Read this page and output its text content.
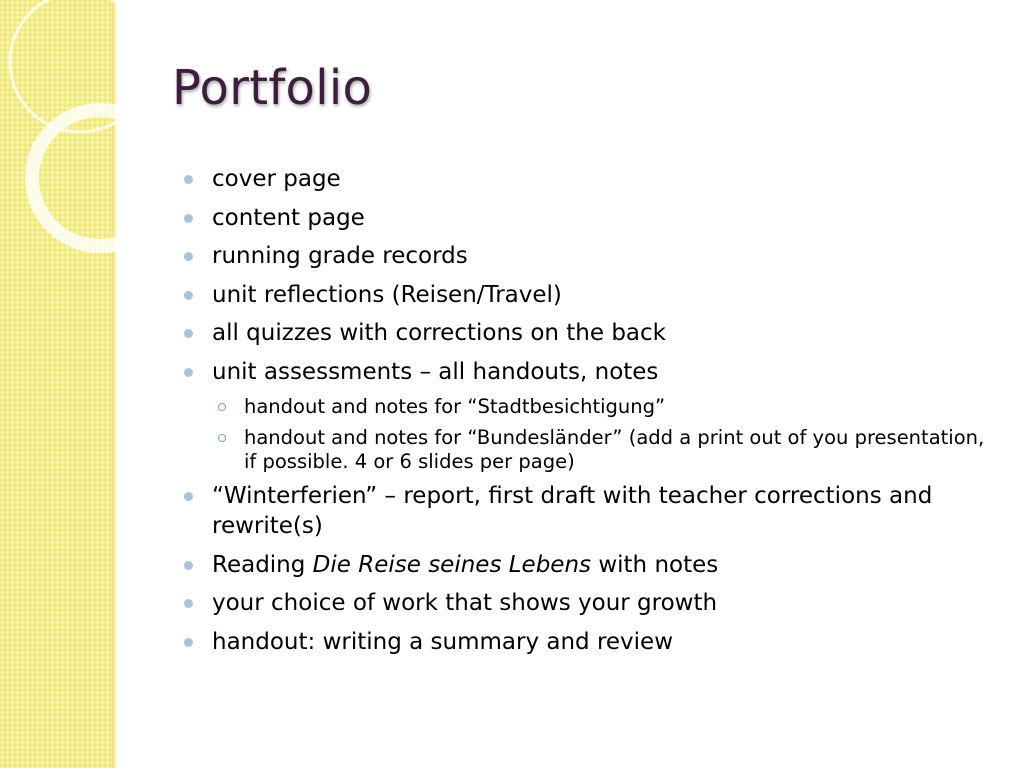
Portfolio
cover page
content page
running grade records
unit reflections (Reisen/Travel)
all quizzes with corrections on the back
unit assessments – all handouts, notes
handout and notes for “Stadtbesichtigung”
handout and notes for “Bundesländer” (add a print out of you presentation, if possible. 4 or 6 slides per page)
“Winterferien” – report, first draft with teacher corrections and rewrite(s)
Reading Die Reise seines Lebens with notes
your choice of work that shows your growth
handout: writing a summary and review
